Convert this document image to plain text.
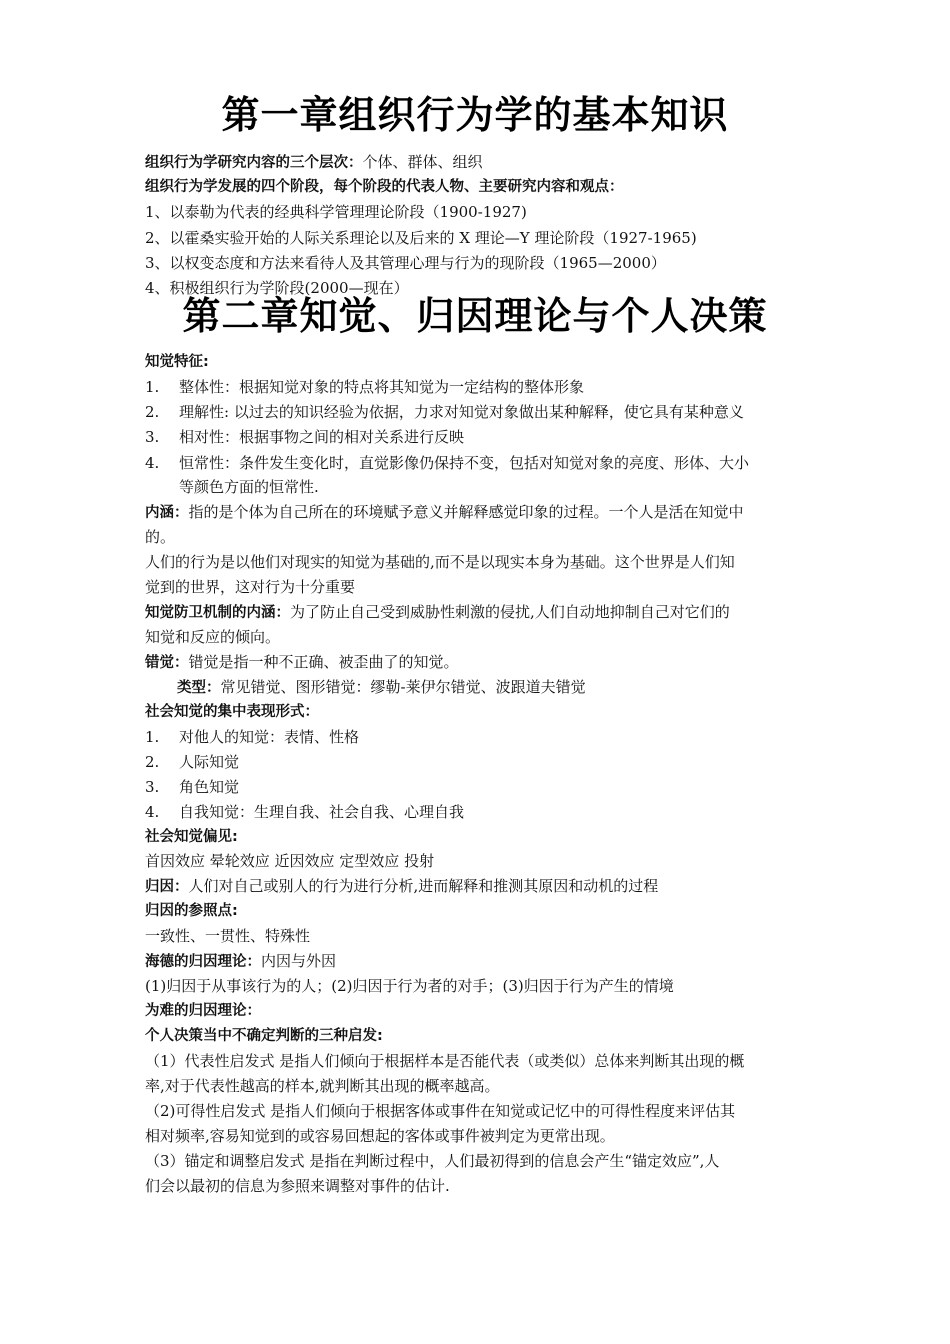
第一章组织行为学的基本知识
组织行为学研究内容的三个层次：个体、群体、组织
组织行为学发展的四个阶段，每个阶段的代表人物、主要研究内容和观点：
1、以泰勒为代表的经典科学管理理论阶段（1900-1927)
2、以霍桑实验开始的人际关系理论以及后来的 X 理论—Y 理论阶段（1927-1965)
3、以权变态度和方法来看待人及其管理心理与行为的现阶段（1965—2000）
4、积极组织行为学阶段(2000—现在）
第二章知觉、归因理论与个人决策
知觉特征:
1. 整体性：根据知觉对象的特点将其知觉为一定结构的整体形象
2. 理解性: 以过去的知识经验为依据，力求对知觉对象做出某种解释，使它具有某种意义
3. 相对性：根据事物之间的相对关系进行反映
4. 恒常性：条件发生变化时，直觉影像仍保持不变，包括对知觉对象的亮度、形体、大小
等颜色方面的恒常性.
内涵：指的是个体为自己所在的环境赋予意义并解释感觉印象的过程。一个人是活在知觉中
的。
人们的行为是以他们对现实的知觉为基础的,而不是以现实本身为基础。这个世界是人们知
觉到的世界，这对行为十分重要
知觉防卫机制的内涵：为了防止自己受到威胁性刺激的侵扰,人们自动地抑制自己对它们的
知觉和反应的倾向。
错觉：错觉是指一种不正确、被歪曲了的知觉。
类型：常见错觉、图形错觉：缪勒-莱伊尔错觉、波跟道夫错觉
社会知觉的集中表现形式：
1. 对他人的知觉：表情、性格
2. 人际知觉
3. 角色知觉
4. 自我知觉：生理自我、社会自我、心理自我
社会知觉偏见:
首因效应 晕轮效应 近因效应 定型效应 投射
归因：人们对自己或别人的行为进行分析,进而解释和推测其原因和动机的过程
归因的参照点:
一致性、一贯性、特殊性
海德的归因理论：内因与外因
(1)归因于从事该行为的人；(2)归因于行为者的对手；(3)归因于行为产生的情境
为难的归因理论：
个人决策当中不确定判断的三种启发:
（1）代表性启发式 是指人们倾向于根据样本是否能代表（或类似）总体来判断其出现的概
率,对于代表性越高的样本,就判断其出现的概率越高。
（2)可得性启发式 是指人们倾向于根据客体或事件在知觉或记忆中的可得性程度来评估其
相对频率,容易知觉到的或容易回想起的客体或事件被判定为更常出现。
（3）锚定和调整启发式 是指在判断过程中，人们最初得到的信息会产生“锚定效应”,人
们会以最初的信息为参照来调整对事件的估计.
